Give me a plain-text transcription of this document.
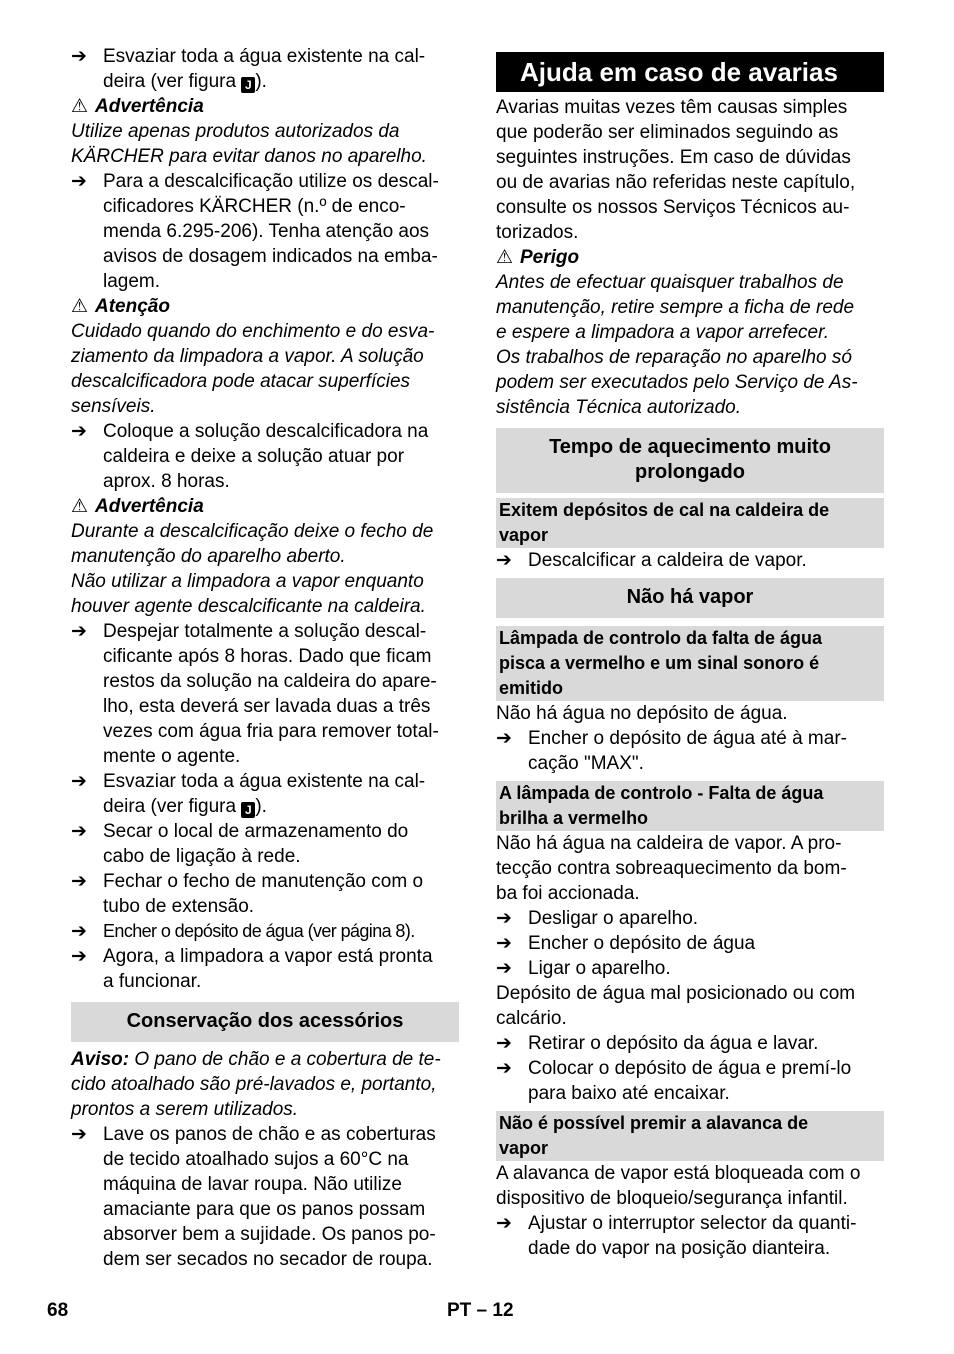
➔ Esvaziar toda a água existente na cal-
deira (ver figura J ).
⚠ Advertência
Utilize apenas produtos autorizados da
KÄRCHER para evitar danos no aparelho.
➔ Para a descalcificação utilize os descal-
cificadores KÄRCHER (n.º de enco-
menda 6.295-206). Tenha atenção aos
avisos de dosagem indicados na emba-
lagem.
⚠ Atenção
Cuidado quando do enchimento e do esva-
ziamento da limpadora a vapor. A solução
descalcificadora pode atacar superfícies
sensíveis.
➔ Coloque a solução descalcificadora na
caldeira e deixe a solução atuar por
aprox. 8 horas.
⚠ Advertência
Durante a descalcificação deixe o fecho de
manutenção do aparelho aberto.
Não utilizar a limpadora a vapor enquanto
houver agente descalcificante na caldeira.
➔ Despejar totalmente a solução descal-
cificante após 8 horas. Dado que ficam
restos da solução na caldeira do apare-
lho, esta deverá ser lavada duas a três
vezes com água fria para remover total-
mente o agente.
➔ Esvaziar toda a água existente na cal-
deira (ver figura J ).
➔ Secar o local de armazenamento do
cabo de ligação à rede.
➔ Fechar o fecho de manutenção com o
tubo de extensão.
➔ Encher o depósito de água (ver página 8).
➔ Agora, a limpadora a vapor está pronta
a funcionar.
Conservação dos acessórios
Aviso: O pano de chão e a cobertura de te-
cido atoalhado são pré-lavados e, portanto,
prontos a serem utilizados.
➔ Lave os panos de chão e as coberturas
de tecido atoalhado sujos a 60°C na
máquina de lavar roupa. Não utilize
amaciante para que os panos possam
absorver bem a sujidade. Os panos po-
dem ser secados no secador de roupa.
Ajuda em caso de avarias
Avarias muitas vezes têm causas simples
que poderão ser eliminados seguindo as
seguintes instruções. Em caso de dúvidas
ou de avarias não referidas neste capítulo,
consulte os nossos Serviços Técnicos au-
torizados.
⚠ Perigo
Antes de efectuar quaisquer trabalhos de
manutenção, retire sempre a ficha de rede
e espere a limpadora a vapor arrefecer.
Os trabalhos de reparação no aparelho só
podem ser executados pelo Serviço de As-
sistência Técnica autorizado.
Tempo de aquecimento muito
prolongado
Exitem depósitos de cal na caldeira de
vapor
➔ Descalcificar a caldeira de vapor.
Não há vapor
Lâmpada de controlo da falta de água
pisca a vermelho e um sinal sonoro é
emitido
Não há água no depósito de água.
➔ Encher o depósito de água até à mar-
cação "MAX".
A lâmpada de controlo - Falta de água
brilha a vermelho
Não há água na caldeira de vapor. A pro-
tecção contra sobreaquecimento da bom-
ba foi accionada.
➔ Desligar o aparelho.
➔ Encher o depósito de água
➔ Ligar o aparelho.
Depósito de água mal posicionado ou com
calcário.
➔ Retirar o depósito da água e lavar.
➔ Colocar o depósito de água e premí-lo
para baixo até encaixar.
Não é possível premir a alavanca de
vapor
A alavanca de vapor está bloqueada com o
dispositivo de bloqueio/segurança infantil.
➔ Ajustar o interruptor selector da quanti-
dade do vapor na posição dianteira.
68	PT – 12
